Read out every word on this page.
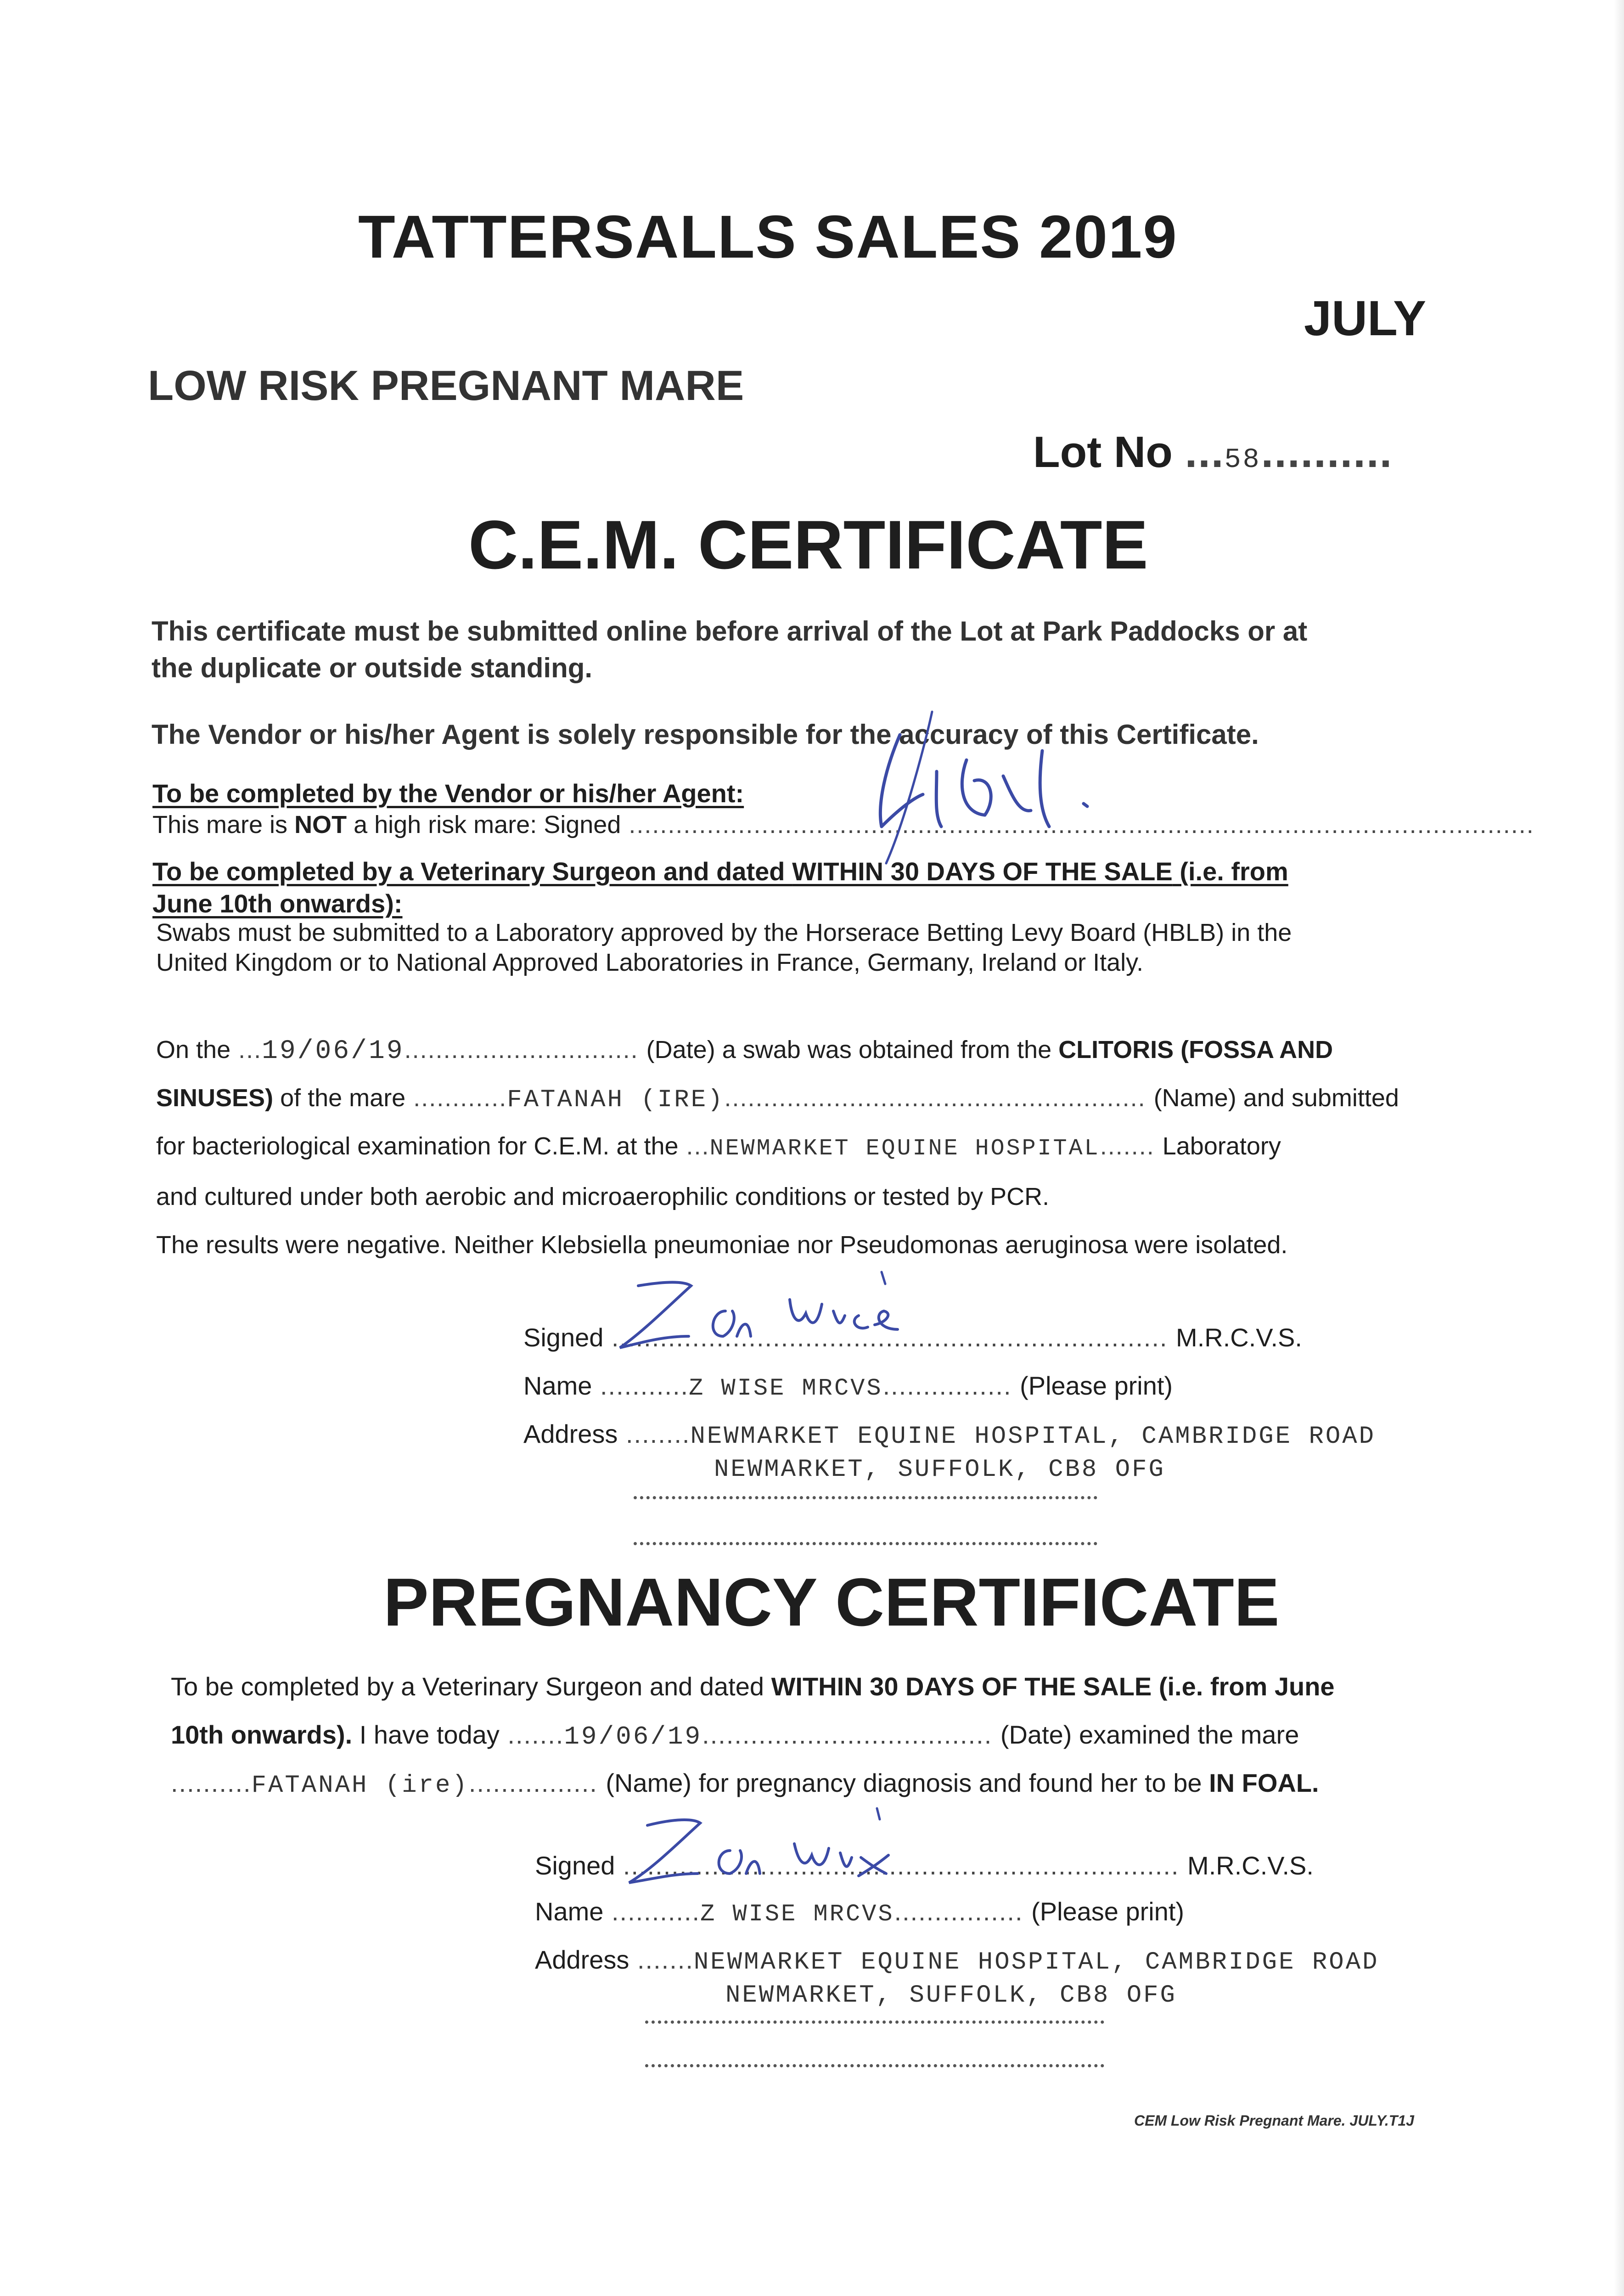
TATTERSALLS SALES 2019
JULY
LOW RISK PREGNANT MARE
Lot No ...58..........
C.E.M. CERTIFICATE
This certificate must be submitted online before arrival of the Lot at Park Paddocks or at
the duplicate or outside standing.
The Vendor or his/her Agent is solely responsible for the accuracy of this Certificate.
To be completed by the Vendor or his/her Agent:
This mare is NOT a high risk mare: Signed ....................................................................................................................
To be completed by a Veterinary Surgeon and dated WITHIN 30 DAYS OF THE SALE (i.e. from
June 10th onwards):
Swabs must be submitted to a Laboratory approved by the Horserace Betting Levy Board (HBLB) in the
United Kingdom or to National Approved Laboratories in France, Germany, Ireland or Italy.
On the ...19/06/19.............................. (Date) a swab was obtained from the CLITORIS (FOSSA AND
SINUSES) of the mare ............FATANAH (IRE)...................................................... (Name) and submitted
for bacteriological examination for C.E.M. at the ...NEWMARKET EQUINE HOSPITAL....... Laboratory
and cultured under both aerobic and microaerophilic conditions or tested by PCR.
The results were negative. Neither Klebsiella pneumoniae nor Pseudomonas aeruginosa were isolated.
Signed ..................................................................... M.R.C.V.S.
Name ...........Z WISE MRCVS................ (Please print)
Address ........NEWMARKET EQUINE HOSPITAL, CAMBRIDGE ROAD
NEWMARKET, SUFFOLK, CB8 OFG
PREGNANCY CERTIFICATE
To be completed by a Veterinary Surgeon and dated WITHIN 30 DAYS OF THE SALE (i.e. from June
10th onwards). I have today .......19/06/19.................................... (Date) examined the mare
..........FATANAH (ire)................ (Name) for pregnancy diagnosis and found her to be IN FOAL.
Signed ..................................................................... M.R.C.V.S.
Name ...........Z WISE MRCVS................ (Please print)
Address .......NEWMARKET EQUINE HOSPITAL, CAMBRIDGE ROAD
NEWMARKET, SUFFOLK, CB8 OFG
CEM Low Risk Pregnant Mare. JULY.T1J
